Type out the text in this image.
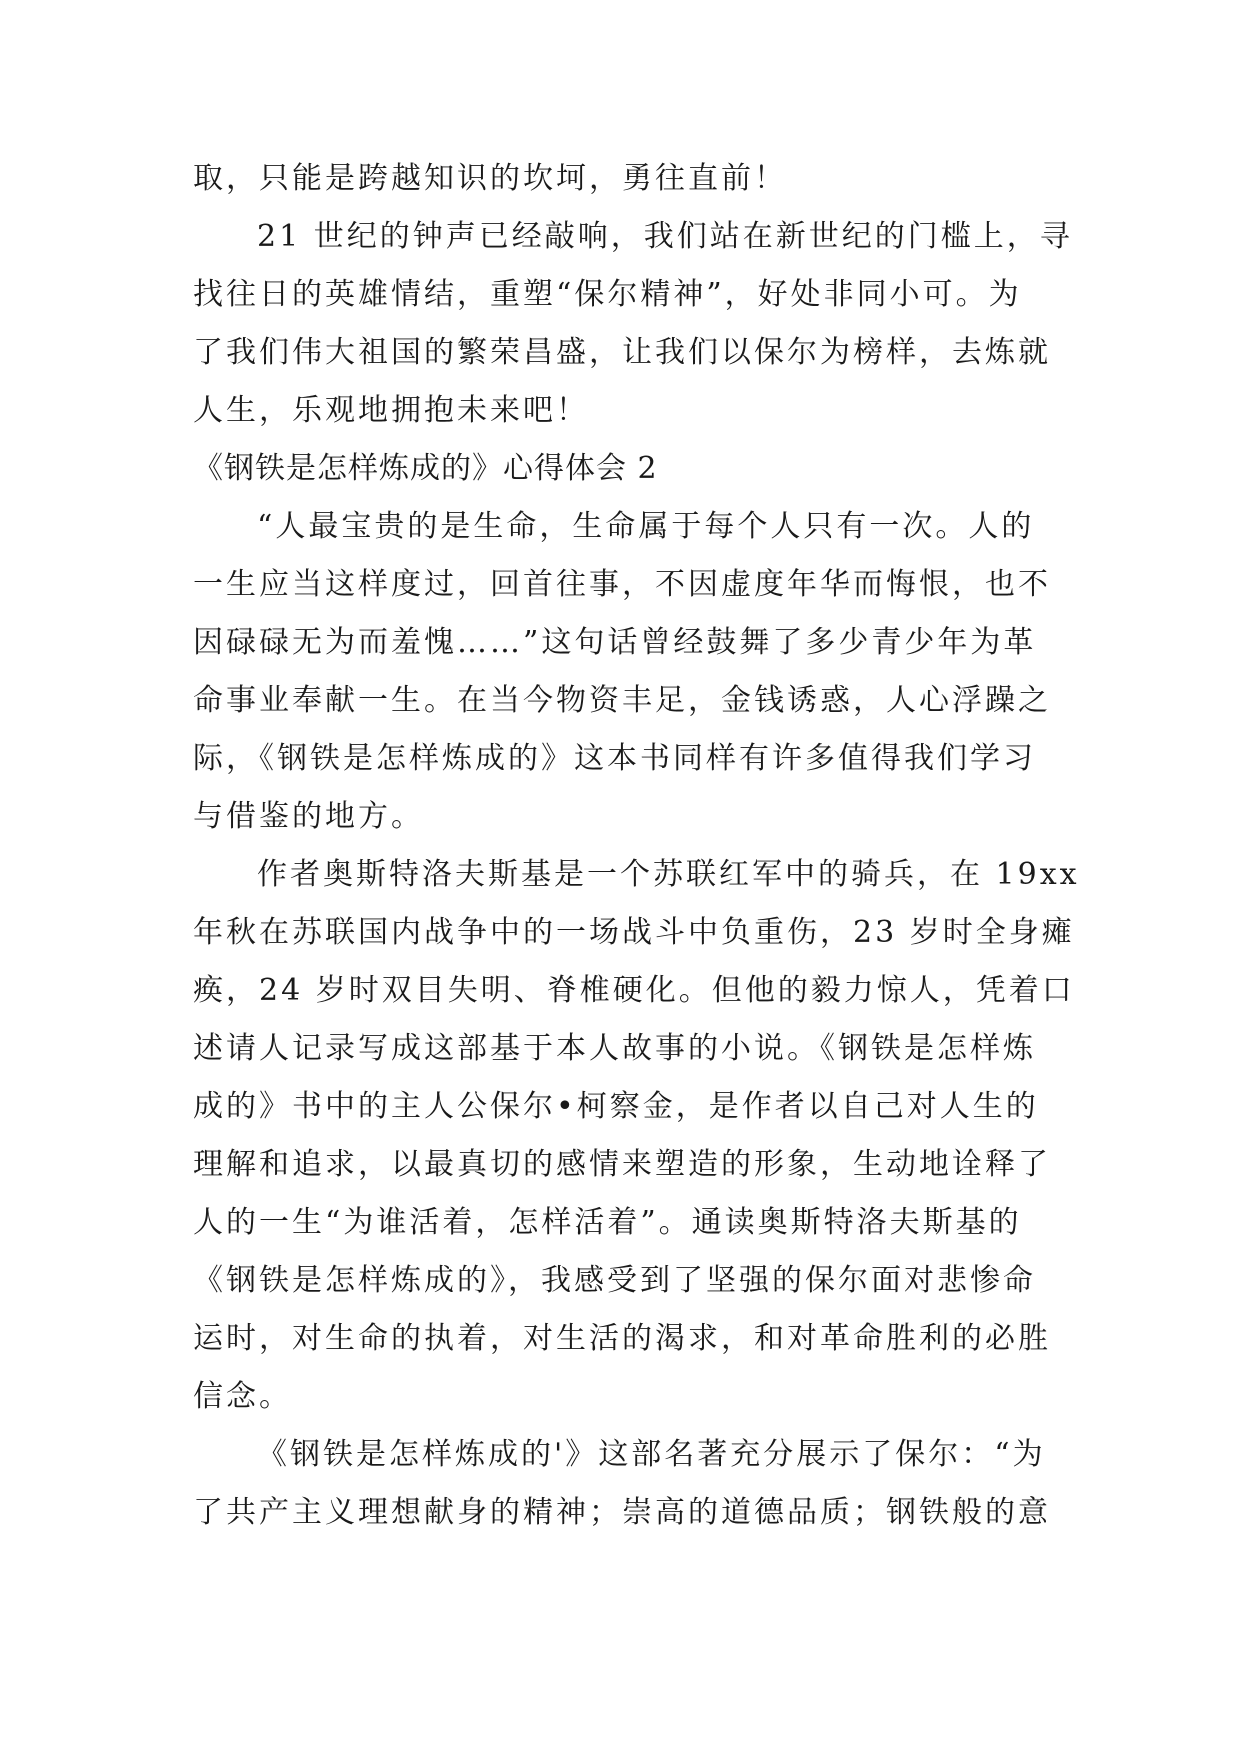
取，只能是跨越知识的坎坷，勇往直前！
21 世纪的钟声已经敲响，我们站在新世纪的门槛上，寻
找往日的英雄情结，重塑“保尔精神”，好处非同小可。为
了我们伟大祖国的繁荣昌盛，让我们以保尔为榜样，去炼就
人生，乐观地拥抱未来吧！
《钢铁是怎样炼成的》心得体会 2
“人最宝贵的是生命，生命属于每个人只有一次。人的
一生应当这样度过，回首往事，不因虚度年华而悔恨，也不
因碌碌无为而羞愧……”这句话曾经鼓舞了多少青少年为革
命事业奉献一生。在当今物资丰足，金钱诱惑，人心浮躁之
际，《钢铁是怎样炼成的》这本书同样有许多值得我们学习
与借鉴的地方。
作者奥斯特洛夫斯基是一个苏联红军中的骑兵，在 19xx
年秋在苏联国内战争中的一场战斗中负重伤，23 岁时全身瘫
痪，24 岁时双目失明、脊椎硬化。但他的毅力惊人，凭着口
述请人记录写成这部基于本人故事的小说。《钢铁是怎样炼
成的》书中的主人公保尔•柯察金，是作者以自己对人生的
理解和追求，以最真切的感情来塑造的形象，生动地诠释了
人的一生“为谁活着，怎样活着”。通读奥斯特洛夫斯基的
《钢铁是怎样炼成的》，我感受到了坚强的保尔面对悲惨命
运时，对生命的执着，对生活的渴求，和对革命胜利的必胜
信念。
《钢铁是怎样炼成的'》这部名著充分展示了保尔：“为
了共产主义理想献身的精神；崇高的道德品质；钢铁般的意
